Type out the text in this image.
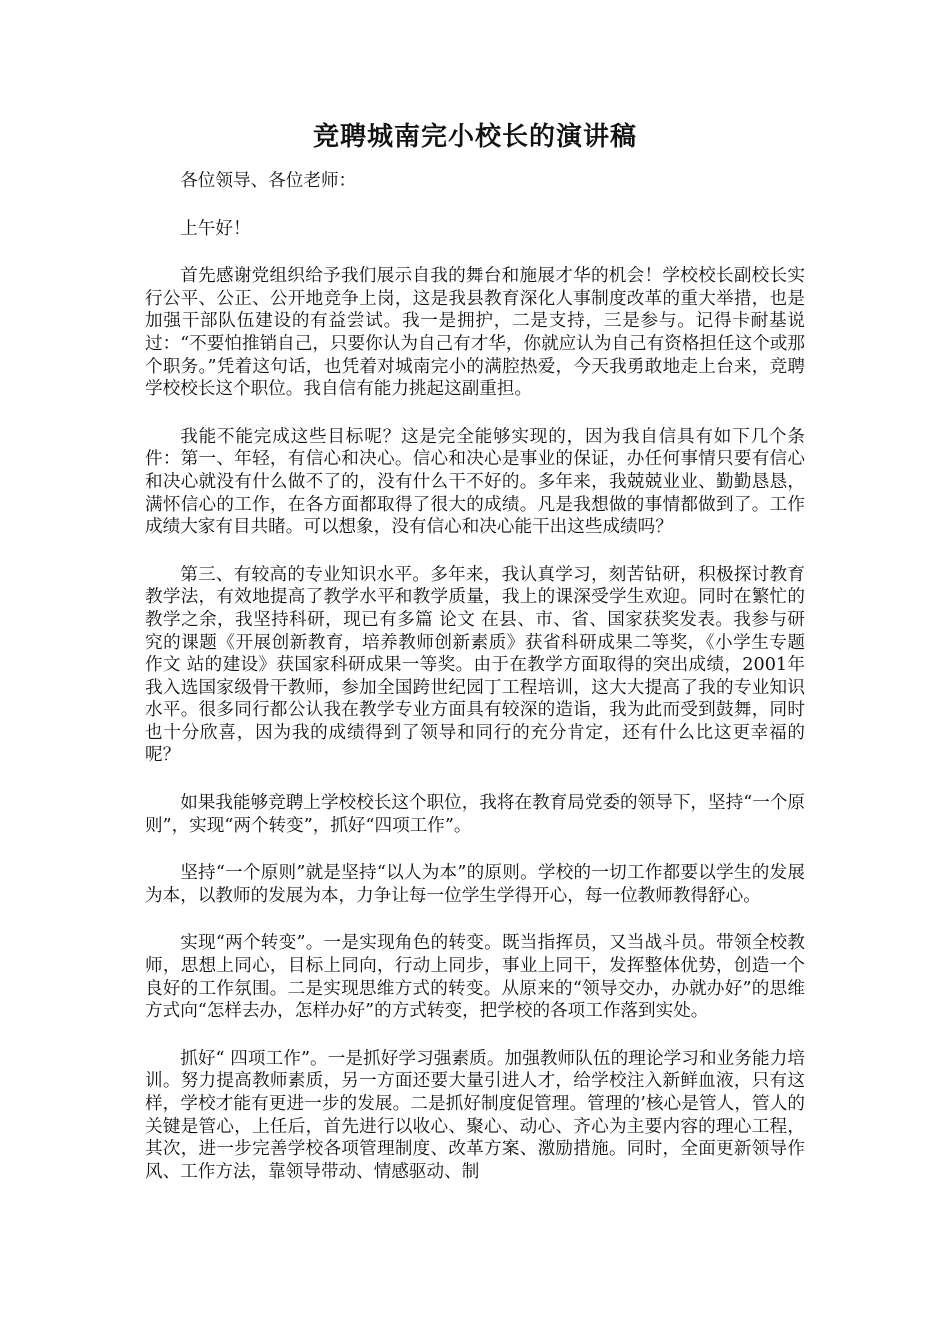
竞聘城南完小校长的演讲稿

各位领导、各位老师：

上午好！

首先感谢党组织给予我们展示自我的舞台和施展才华的机会！学校校长副校长实行公平、公正、公开地竞争上岗，这是我县教育深化人事制度改革的重大举措，也是加强干部队伍建设的有益尝试。我一是拥护，二是支持，三是参与。记得卡耐基说过：“不要怕推销自己，只要你认为自己有才华，你就应认为自己有资格担任这个或那个职务。”凭着这句话，也凭着对城南完小的满腔热爱，今天我勇敢地走上台来，竞聘学校校长这个职位。我自信有能力挑起这副重担。

我能不能完成这些目标呢？这是完全能够实现的，因为我自信具有如下几个条件：第一、年轻，有信心和决心。信心和决心是事业的保证，办任何事情只要有信心和决心就没有什么做不了的，没有什么干不好的。多年来，我兢兢业业、勤勤恳恳，满怀信心的工作，在各方面都取得了很大的成绩。凡是我想做的事情都做到了。工作成绩大家有目共睹。可以想象，没有信心和决心能干出这些成绩吗？

第三、有较高的专业知识水平。多年来，我认真学习，刻苦钻研，积极探讨教育教学法，有效地提高了教学水平和教学质量，我上的课深受学生欢迎。同时在繁忙的教学之余，我坚持科研，现已有多篇 论文 在县、市、省、国家获奖发表。我参与研究的课题《开展创新教育，培养教师创新素质》获省科研成果二等奖，《小学生专题 作文 站的建设》获国家科研成果一等奖。由于在教学方面取得的突出成绩，2001年我入选国家级骨干教师，参加全国跨世纪园丁工程培训，这大大提高了我的专业知识水平。很多同行都公认我在教学专业方面具有较深的造诣，我为此而受到鼓舞，同时也十分欣喜，因为我的成绩得到了领导和同行的充分肯定，还有什么比这更幸福的呢？

如果我能够竞聘上学校校长这个职位，我将在教育局党委的领导下，坚持“一个原则”，实现“两个转变”，抓好“四项工作”。

坚持“一个原则”就是坚持“以人为本”的原则。学校的一切工作都要以学生的发展为本，以教师的发展为本，力争让每一位学生学得开心，每一位教师教得舒心。

实现“两个转变”。一是实现角色的转变。既当指挥员，又当战斗员。带领全校教师，思想上同心，目标上同向，行动上同步，事业上同干，发挥整体优势，创造一个良好的工作氛围。二是实现思维方式的转变。从原来的“领导交办，办就办好”的思维方式向“怎样去办，怎样办好”的方式转变，把学校的各项工作落到实处。

抓好“ 四项工作”。一是抓好学习强素质。加强教师队伍的理论学习和业务能力培训。努力提高教师素质，另一方面还要大量引进人才，给学校注入新鲜血液，只有这样，学校才能有更进一步的发展。二是抓好制度促管理。管理的’核心是管人，管人的关键是管心，上任后，首先进行以收心、聚心、动心、齐心为主要内容的理心工程，其次，进一步完善学校各项管理制度、改革方案、激励措施。同时，全面更新领导作风、工作方法，靠领导带动、情感驱动、制
